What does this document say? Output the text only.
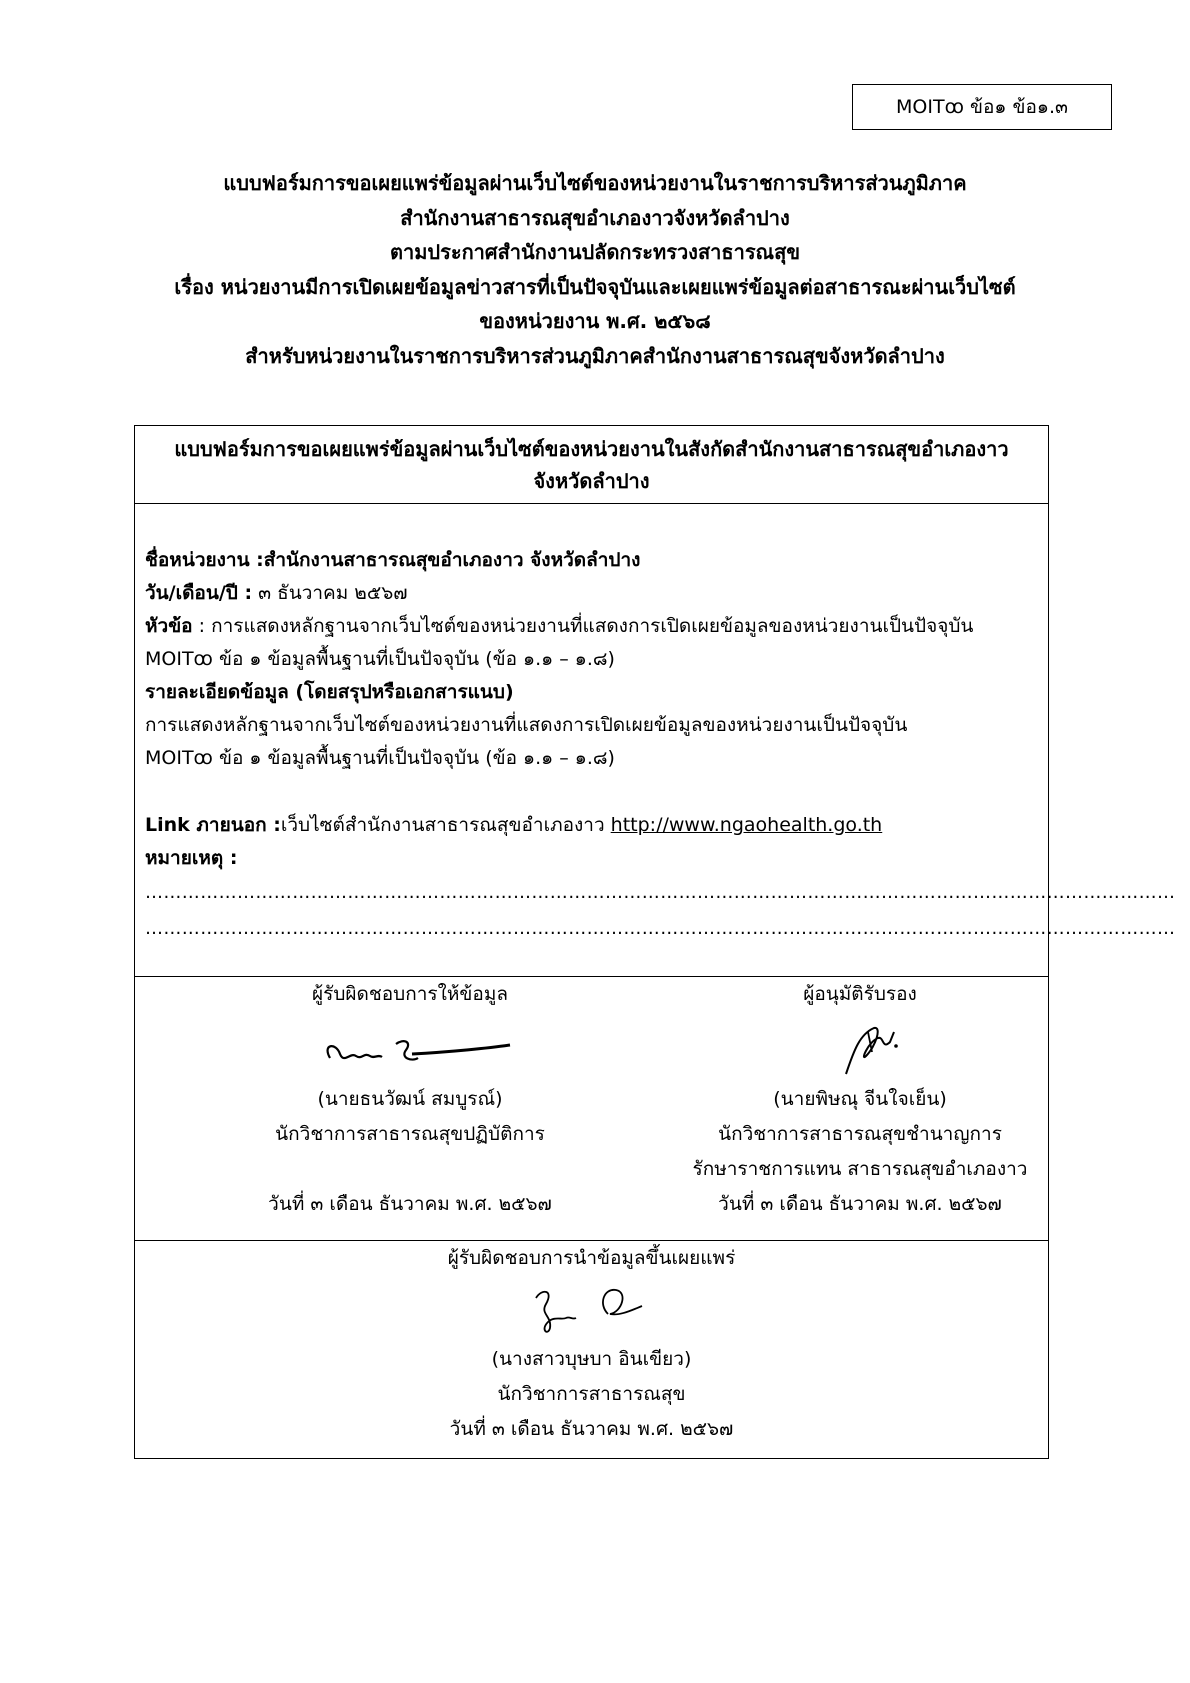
MOITꝏ ข้อ๑ ข้อ๑.๓
แบบฟอร์มการขอเผยแพร่ข้อมูลผ่านเว็บไซต์ของหน่วยงานในราชการบริหารส่วนภูมิภาค
สำนักงานสาธารณสุขอำเภองาวจังหวัดลำปาง
ตามประกาศสำนักงานปลัดกระทรวงสาธารณสุข
เรื่อง หน่วยงานมีการเปิดเผยข้อมูลข่าวสารที่เป็นปัจจุบันและเผยแพร่ข้อมูลต่อสาธารณะผ่านเว็บไซต์
ของหน่วยงาน พ.ศ. ๒๕๖๘
สำหรับหน่วยงานในราชการบริหารส่วนภูมิภาคสำนักงานสาธารณสุขจังหวัดลำปาง
แบบฟอร์มการขอเผยแพร่ข้อมูลผ่านเว็บไซต์ของหน่วยงานในสังกัดสำนักงานสาธารณสุขอำเภองาว
จังหวัดลำปาง
ชื่อหน่วยงาน :สำนักงานสาธารณสุขอำเภองาว จังหวัดลำปาง
วัน/เดือน/ปี : ๓ ธันวาคม ๒๕๖๗
หัวข้อ : การแสดงหลักฐานจากเว็บไซต์ของหน่วยงานที่แสดงการเปิดเผยข้อมูลของหน่วยงานเป็นปัจจุบัน
MOITꝏ ข้อ ๑ ข้อมูลพื้นฐานที่เป็นปัจจุบัน (ข้อ ๑.๑ – ๑.๘)
รายละเอียดข้อมูล (โดยสรุปหรือเอกสารแนบ)
การแสดงหลักฐานจากเว็บไซต์ของหน่วยงานที่แสดงการเปิดเผยข้อมูลของหน่วยงานเป็นปัจจุบัน
MOITꝏ ข้อ ๑ ข้อมูลพื้นฐานที่เป็นปัจจุบัน (ข้อ ๑.๑ – ๑.๘)
Link ภายนอก :เว็บไซต์สำนักงานสาธารณสุขอำเภองาว http://www.ngaohealth.go.th
หมายเหตุ :
……………………………………………………………………………………………………………………………………………………
……………………………………………………………………………………………………………………………………………………
ผู้รับผิดชอบการให้ข้อมูล
(นายธนวัฒน์ สมบูรณ์)
นักวิชาการสาธารณสุขปฏิบัติการ
วันที่ ๓ เดือน ธันวาคม พ.ศ. ๒๕๖๗
ผู้อนุมัติรับรอง
(นายพิษณุ จีนใจเย็น)
นักวิชาการสาธารณสุขชำนาญการ
รักษาราชการแทน สาธารณสุขอำเภองาว
วันที่ ๓ เดือน ธันวาคม พ.ศ. ๒๕๖๗
ผู้รับผิดชอบการนำข้อมูลขึ้นเผยแพร่
(นางสาวบุษบา อินเขียว)
นักวิชาการสาธารณสุข
วันที่ ๓ เดือน ธันวาคม พ.ศ. ๒๕๖๗
